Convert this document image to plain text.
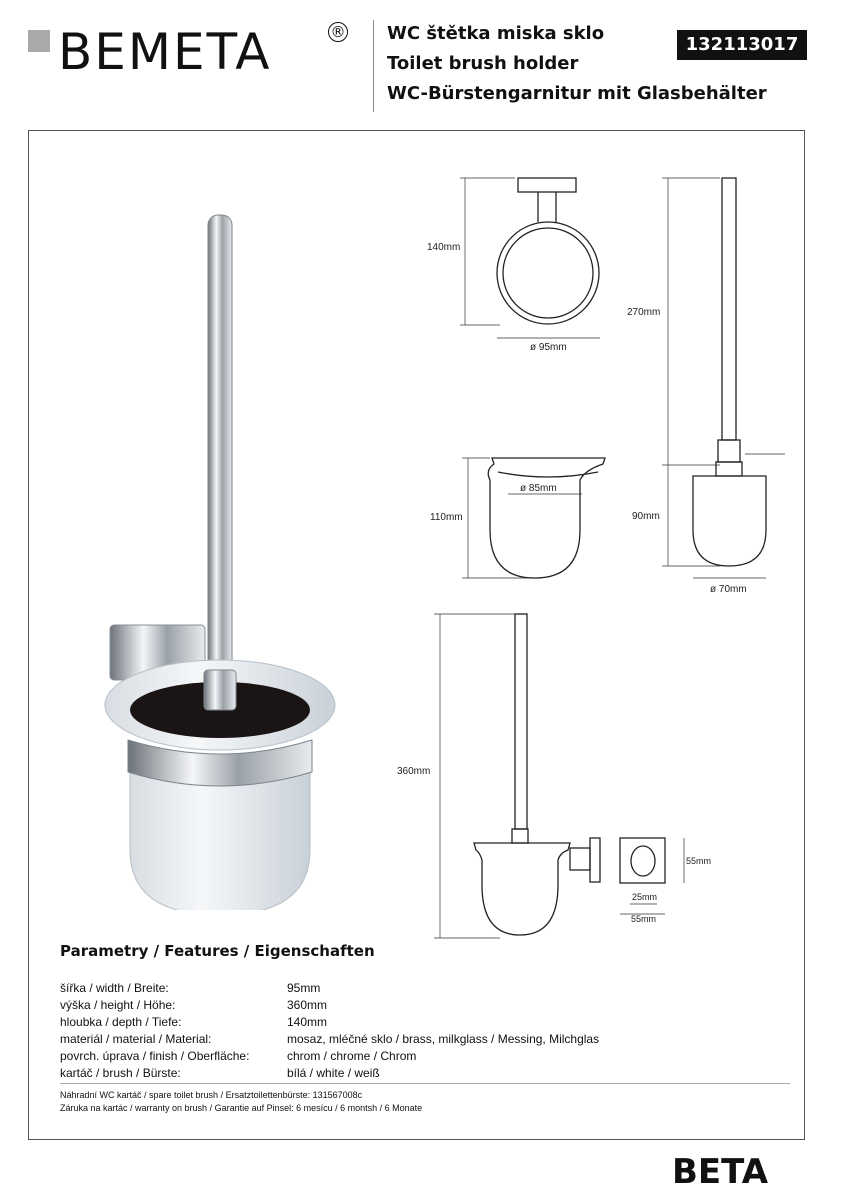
BEMETA	® WC štětka miska sklo
Toilet brush holder
WC-Bürstengarnitur mit Glasbehälter
132113017
140mm
ø 95mm
270mm
110mm
ø 85mm
90mm
ø 70mm
360mm
55mm
25mm
55mm
Parametry / Features / Eigenschaften
šířka / width / Breite:	95mm
výška / height / Höhe:	360mm
hloubka / depth / Tiefe:	140mm
materiál / material / Material:	mosaz, mléčné sklo / brass, milkglass / Messing, Milchglas
povrch. úprava / finish / Oberfläche:	chrom / chrome / Chrom
kartáč / brush / Bürste:	bílá / white / weiß
Náhradní WC kartáč / spare toilet brush / Ersatztoilettenbürste: 131567008c
Záruka na kartác / warranty on brush / Garantie auf Pinsel: 6 mesícu / 6 montsh / 6 Monate
BETA
